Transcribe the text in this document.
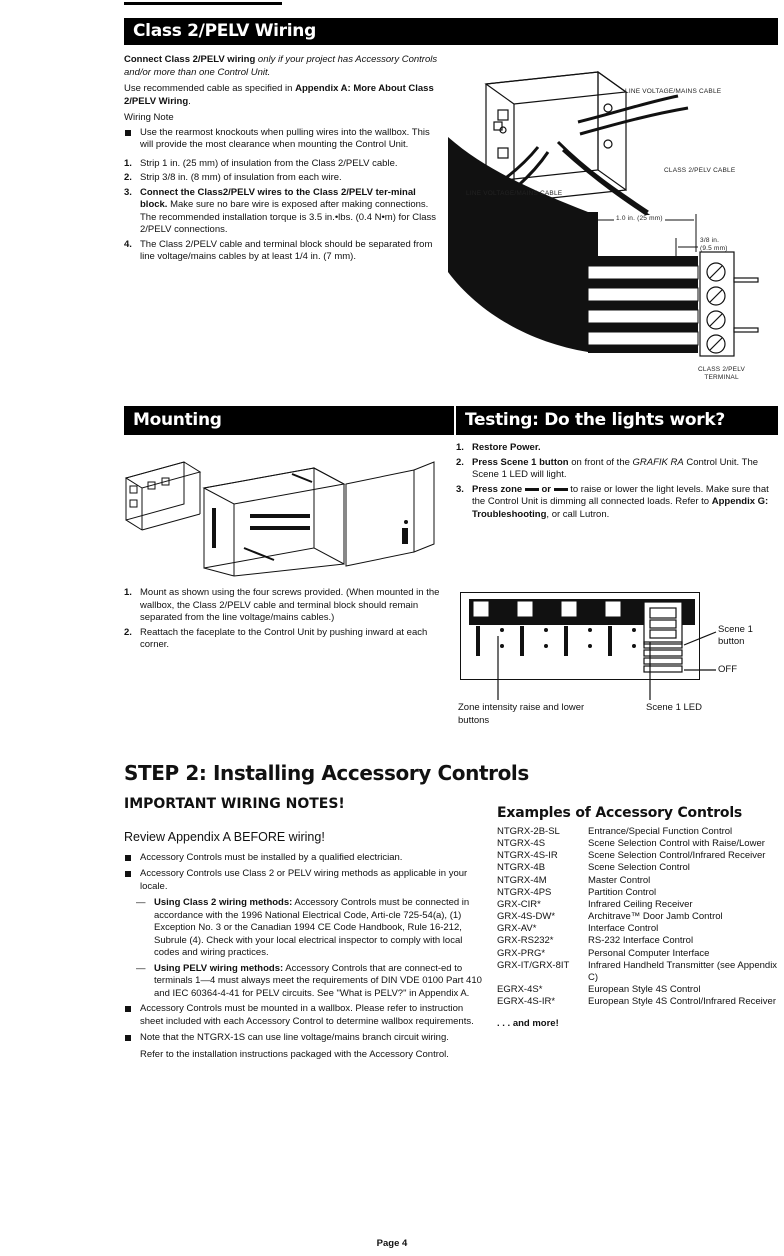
Class 2/PELV Wiring

Connect Class 2/PELV wiring only if your project has Accessory Controls and/or more than one Control Unit.

Use recommended cable as specified in Appendix A: More About Class 2/PELV Wiring.

Wiring Note

Use the rearmost knockouts when pulling wires into the wallbox. This will provide the most clearance when mounting the Control Unit.
1. Strip 1 in. (25 mm) of insulation from the Class 2/PELV cable.
2. Strip 3/8 in. (8 mm) of insulation from each wire.
3. Connect the Class2/PELV wires to the Class 2/PELV ter-minal block. Make sure no bare wire is exposed after making connections. The recommended installation torque is 3.5 in.•lbs. (0.4 N•m) for Class 2/PELV connections.
4. The Class 2/PELV cable and terminal block should be separated from line voltage/mains cables by at least 1/4 in. (7 mm).
LINE VOLTAGE/MAINS CABLE
CLASS 2/PELV CABLE
LINE VOLTAGE/MAINS CABLE
1.0 in. (25 mm)
3/8 in.
(9.5 mm)
CLASS 2/PELV
TERMINAL
Mounting
1. Mount as shown using the four screws provided. (When mounted in the wallbox, the Class 2/PELV cable and terminal block should remain separated from the line voltage/mains cables.)
2. Reattach the faceplate to the Control Unit by pushing inward at each corner.
Testing: Do the lights work?
1. Restore Power.
2. Press Scene 1 button on front of the GRAFIK RA Control Unit. The Scene 1 LED will light.
3. Press zone or  to raise or lower the light levels. Make sure that the Control Unit is dimming all connected loads. Refer to Appendix G: Troubleshooting, or call Lutron.
Scene 1
button
OFF
Zone intensity raise and lower buttons
Scene 1 LED
STEP 2: Installing Accessory Controls
IMPORTANT WIRING NOTES!

Review Appendix A BEFORE wiring!

Accessory Controls must be installed by a qualified electrician.
Accessory Controls use Class 2 or PELV wiring methods as applicable in your locale.
— Using Class 2 wiring methods: Accessory Controls must be connected in accordance with the 1996 National Electrical Code, Arti-cle 725-54(a), (1) Exception No. 3 or the Canadian 1994 CE Code Handbook, Rule 16-212, Subrule (4). Check with your local electrical inspector to comply with local codes and wiring practices.
— Using PELV wiring methods: Accessory Controls that are connect-ed to terminals 1—4 must always meet the requirements of DIN VDE 0100 Part 410 and IEC 60364-4-41 for PELV circuits. See "What is PELV?" in Appendix A.
Accessory Controls must be mounted in a wallbox. Please refer to instruction sheet included with each Accessory Control to determine wallbox requirements.
Note that the NTGRX-1S can use line voltage/mains branch circuit wiring.

Refer to the installation instructions packaged with the Accessory Control.

Examples of Accessory Controls
NTGRX-2B-SL	Entrance/Special Function Control
NTGRX-4S	Scene Selection Control with Raise/Lower
NTGRX-4S-IR	Scene Selection Control/Infrared Receiver
NTGRX-4B	Scene Selection Control
NTGRX-4M	Master Control
NTGRX-4PS	Partition Control
GRX-CIR*	Infrared Ceiling Receiver
GRX-4S-DW*	Architrave™ Door Jamb Control
GRX-AV*	Interface Control
GRX-RS232*	RS-232 Interface Control
GRX-PRG*	Personal Computer Interface
GRX-IT/GRX-8IT	Infrared Handheld Transmitter (see Appendix C)
EGRX-4S*	European Style 4S Control
EGRX-4S-IR*	European Style 4S Control/Infrared Receiver

. . . and more!

Page 4
